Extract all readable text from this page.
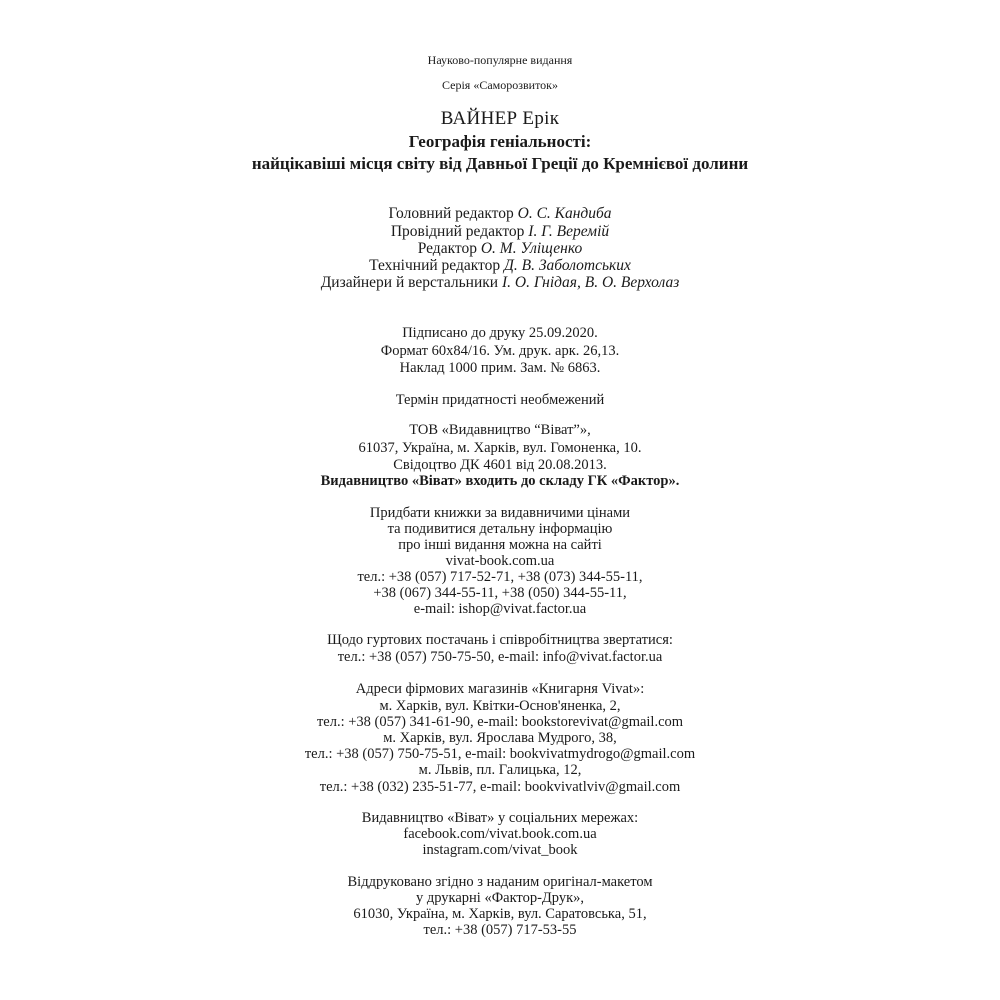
Науково-популярне видання
Серія «Саморозвиток»
ВАЙНЕР Ерік
Географія геніальності:
найцікавіші місця світу від Давньої Греції до Кремнієвої долини
Головний редактор О. С. Кандиба
Провідний редактор І. Г. Веремій
Редактор О. М. Уліщенко
Технічний редактор Д. В. Заболотських
Дизайнери й верстальники І. О. Гнідая, В. О. Верхолаз
Підписано до друку 25.09.2020.
Формат 60х84/16. Ум. друк. арк. 26,13.
Наклад 1000 прим. Зам. № 6863.
Термін придатності необмежений
ТОВ «Видавництво “Віват”»,
61037, Україна, м. Харків, вул. Гомоненка, 10.
Свідоцтво ДК 4601 від 20.08.2013.
Видавництво «Віват» входить до складу ГК «Фактор».
Придбати книжки за видавничими цінами
та подивитися детальну інформацію
про інші видання можна на сайті
vivat-book.com.ua
тел.: +38 (057) 717-52-71, +38 (073) 344-55-11,
+38 (067) 344-55-11, +38 (050) 344-55-11,
e-mail: ishop@vivat.factor.ua
Щодо гуртових постачань і співробітництва звертатися:
тел.: +38 (057) 750-75-50, e-mail: info@vivat.factor.ua
Адреси фірмових магазинів «Книгарня Vivat»:
м. Харків, вул. Квітки-Основ'яненка, 2,
тел.: +38 (057) 341-61-90, e-mail: bookstorevivat@gmail.com
м. Харків, вул. Ярослава Мудрого, 38,
тел.: +38 (057) 750-75-51, e-mail: bookvivatmydrogo@gmail.com
м. Львів, пл. Галицька, 12,
тел.: +38 (032) 235-51-77, e-mail: bookvivatlviv@gmail.com
Видавництво «Віват» у соціальних мережах:
facebook.com/vivat.book.com.ua
instagram.com/vivat_book
Віддруковано згідно з наданим оригінал-макетом
у друкарні «Фактор-Друк»,
61030, Україна, м. Харків, вул. Саратовська, 51,
тел.: +38 (057) 717-53-55
